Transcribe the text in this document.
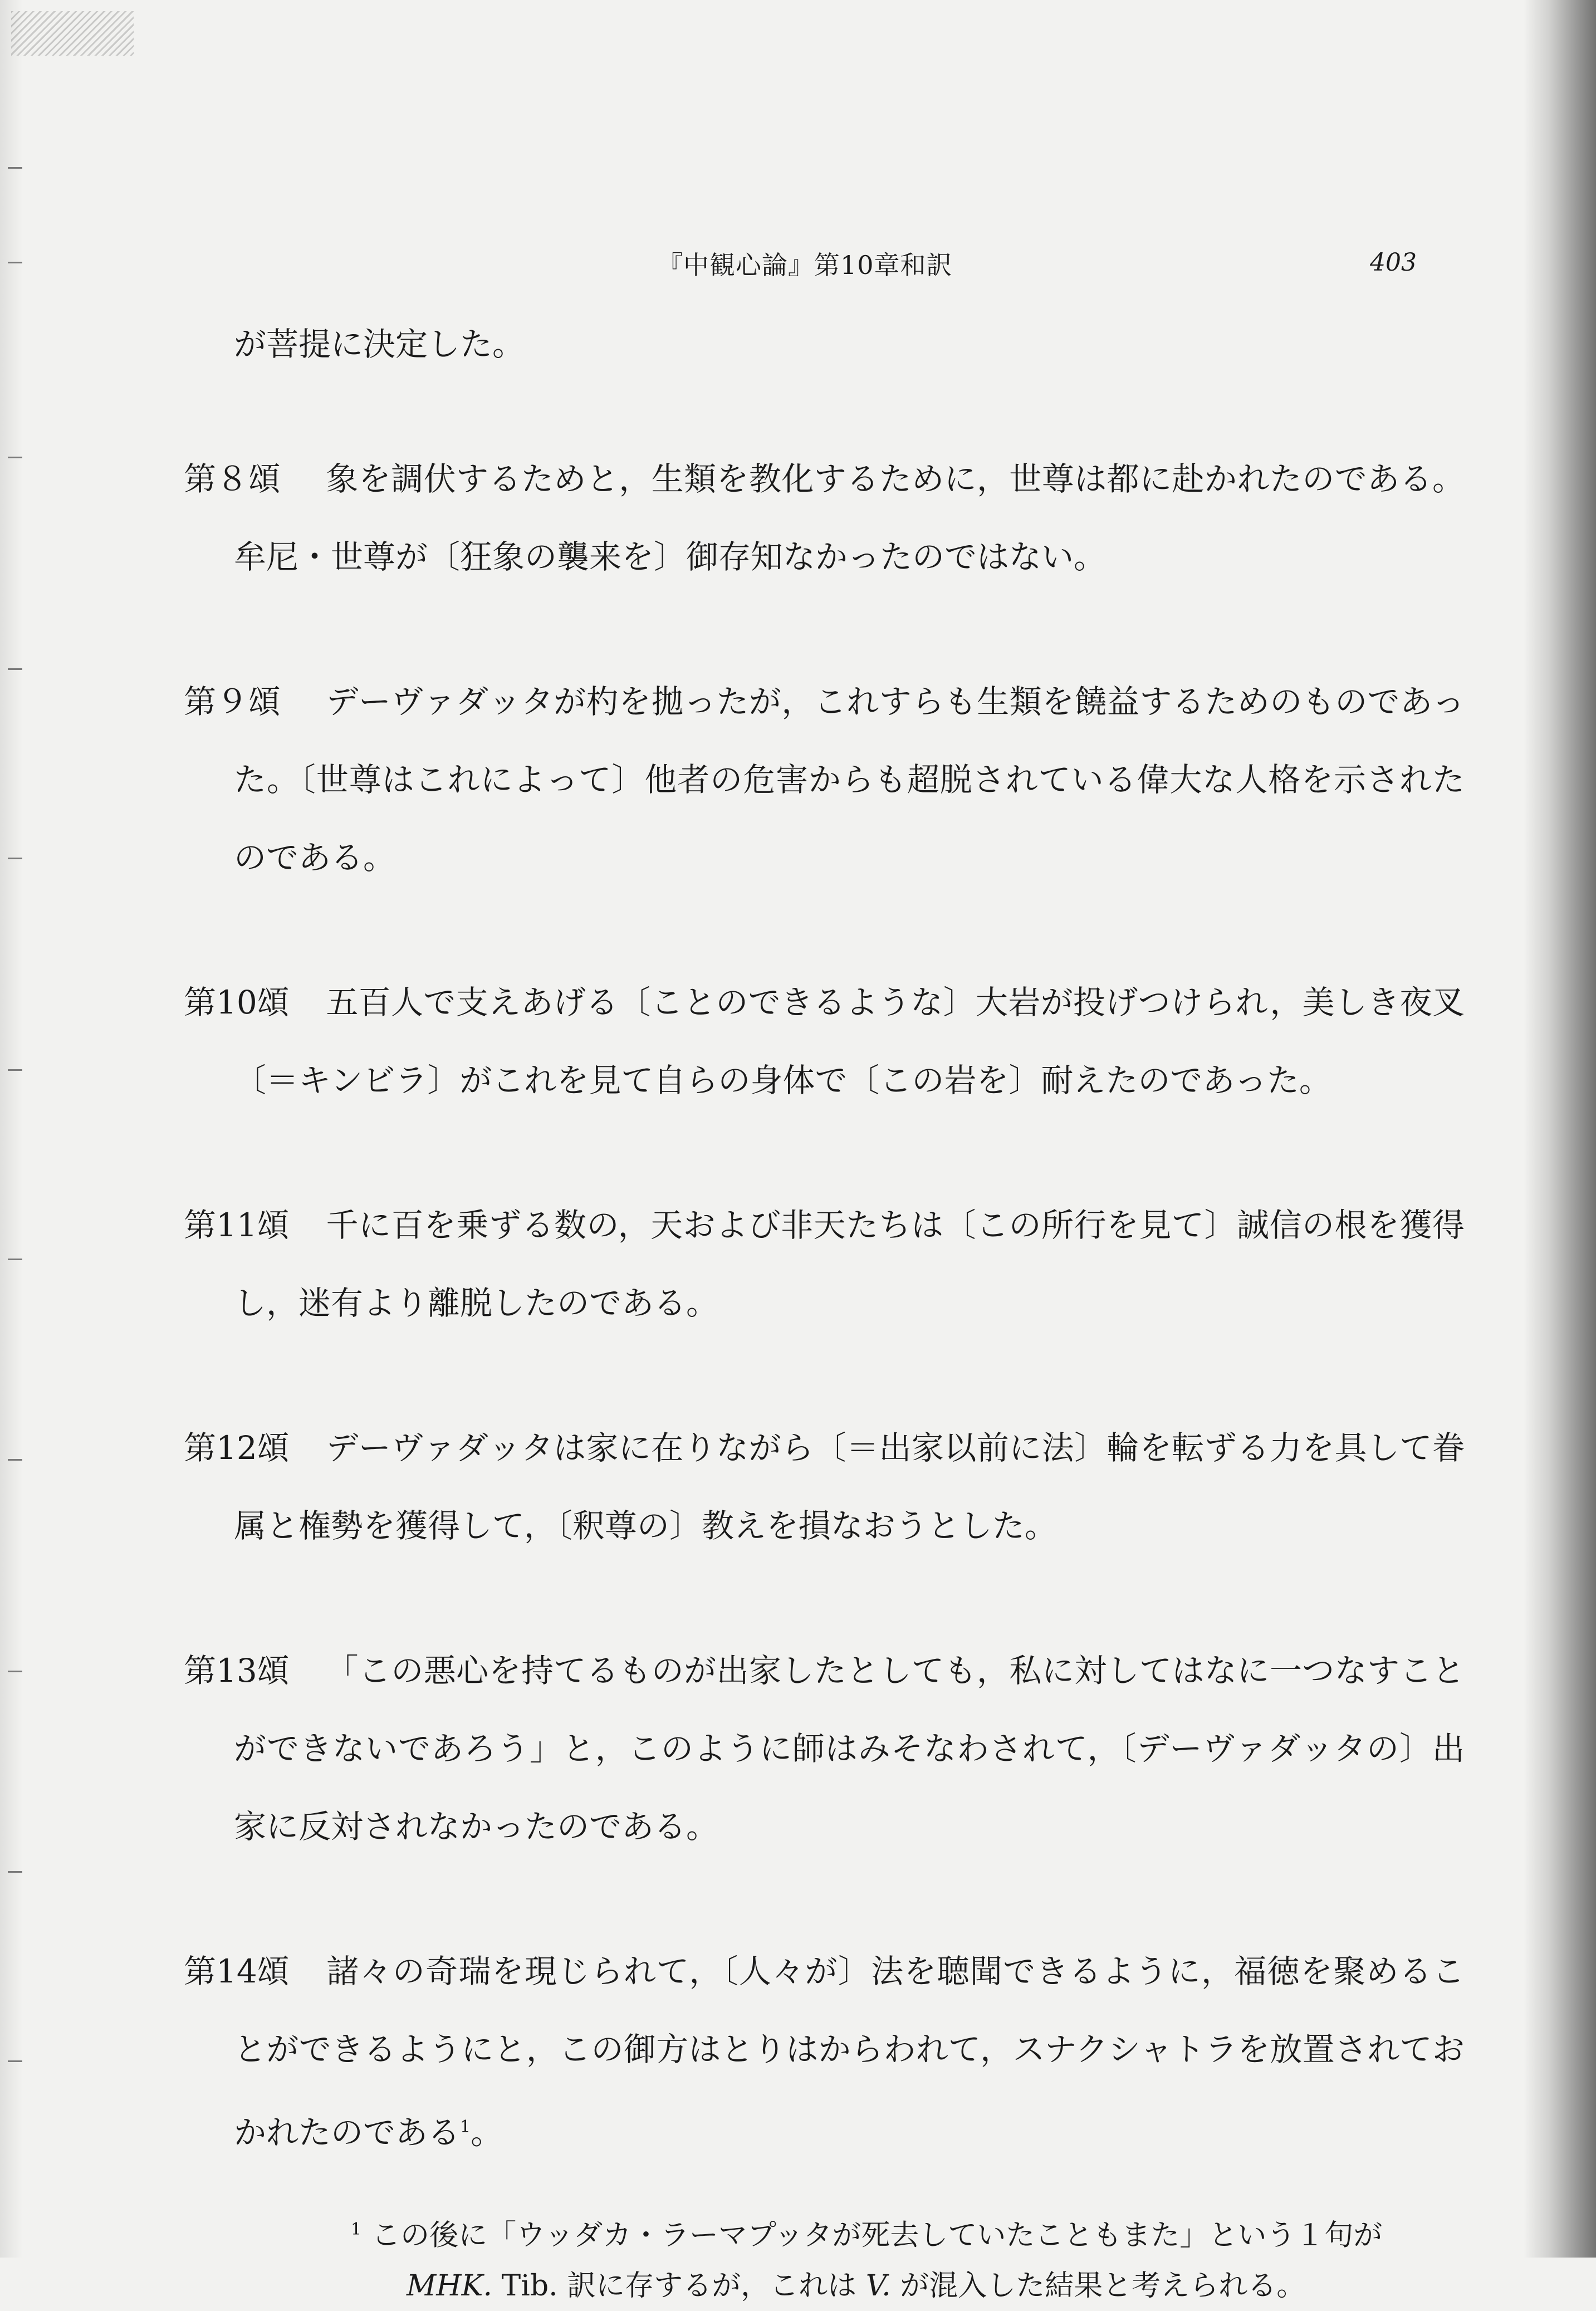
『中観心論』第10章和訳	403

が菩提に決定した。

第８頌 象を調伏するためと，生類を教化するために，世尊は都に赴かれたのである。牟尼・世尊が〔狂象の襲来を〕御存知なかったのではない。

第９頌 デーヴァダッタが杓を拋ったが，これすらも生類を饒益するためのものであった。〔世尊はこれによって〕他者の危害からも超脱されている偉大な人格を示されたのである。

第10頌 五百人で支えあげる〔ことのできるような〕大岩が投げつけられ，美しき夜叉〔＝キンビラ〕がこれを見て自らの身体で〔この岩を〕耐えたのであった。

第11頌 千に百を乗ずる数の，天および非天たちは〔この所行を見て〕誠信の根を獲得し，迷有より離脱したのである。

第12頌 デーヴァダッタは家に在りながら〔＝出家以前に法〕輪を転ずる力を具して眷属と権勢を獲得して，〔釈尊の〕教えを損なおうとした。

第13頌 「この悪心を持てるものが出家したとしても，私に対してはなに一つなすことができないであろう」と，このように師はみそなわされて，〔デーヴァダッタの〕出家に反対されなかったのである。

第14頌 諸々の奇瑞を現じられて，〔人々が〕法を聴聞できるように，福徳を聚めることができるようにと，この御方はとりはからわれて，スナクシャトラを放置されておかれたのである$^1$。

$^1$ この後に「ウッダカ・ラーマプッタが死去していたこともまた」という１句が
MHK. Tib. 訳に存するが，これは V. が混入した結果と考えられる。
